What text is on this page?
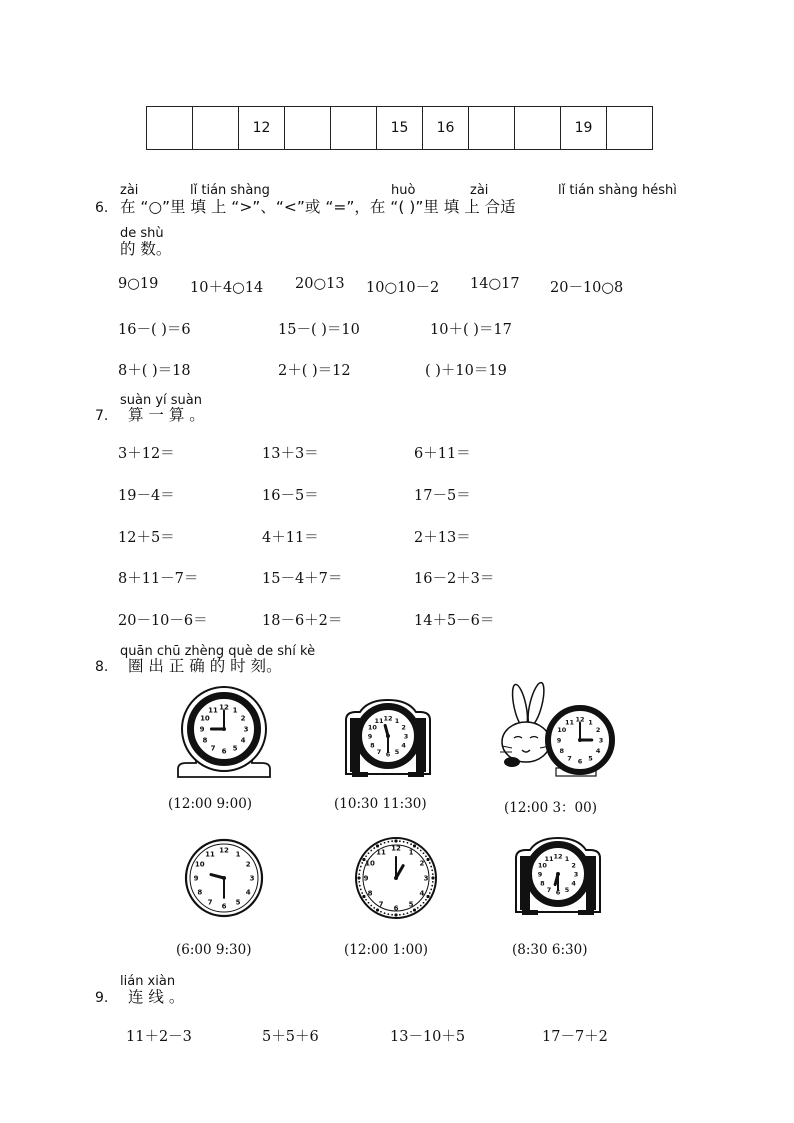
		12			15	16			19	
zài	lǐ tián shàng	huò	zài	lǐ tián shàng héshì
6. 在 “○”里 填 上 “>”、“<”或 “=”，在 “( )”里 填 上 合适
de shù
的 数。
9○19 10＋4○14 20○13 10○10－2 14○17 20－10○8
16－( )＝6	15－( )＝10	10＋( )＝17
8＋( )＝18	2＋( )＝12	( )＋10＝19
suàn yí suàn
7. 算 一 算 。
3＋12＝	13＋3＝	6＋11＝
19－4＝	16－5＝	17－5＝
12＋5＝	4＋11＝	2＋13＝
8＋11－7＝	15－4＋7＝	16－2＋3＝
20－10－6＝	18－6＋2＝	14＋5－6＝
quān chū zhèng què de shí kè
8. 圈 出 正 确 的 时 刻。
1
2
3
4
5
6
7
8
9
10
11 12
1
2
3
4
5
6
7
8
9
10
11 12	1
2
3
4
5
6
7
8
9
10
11 12
(12:00 9:00)	(10:30 11:30)	(12:00 3：00)
1
2
3
4
5
6
7
8
9
10
11 12	1
2
3
4
5
6
7
8
9
10
11
12
1
2
3
4
5
6
7
8
9
10
11 12
(6:00 9:30)	(12:00 1:00)	(8:30 6:30)
lián xiàn
9. 连 线 。
11＋2－3	5＋5＋6	13－10＋5	17－7＋2
